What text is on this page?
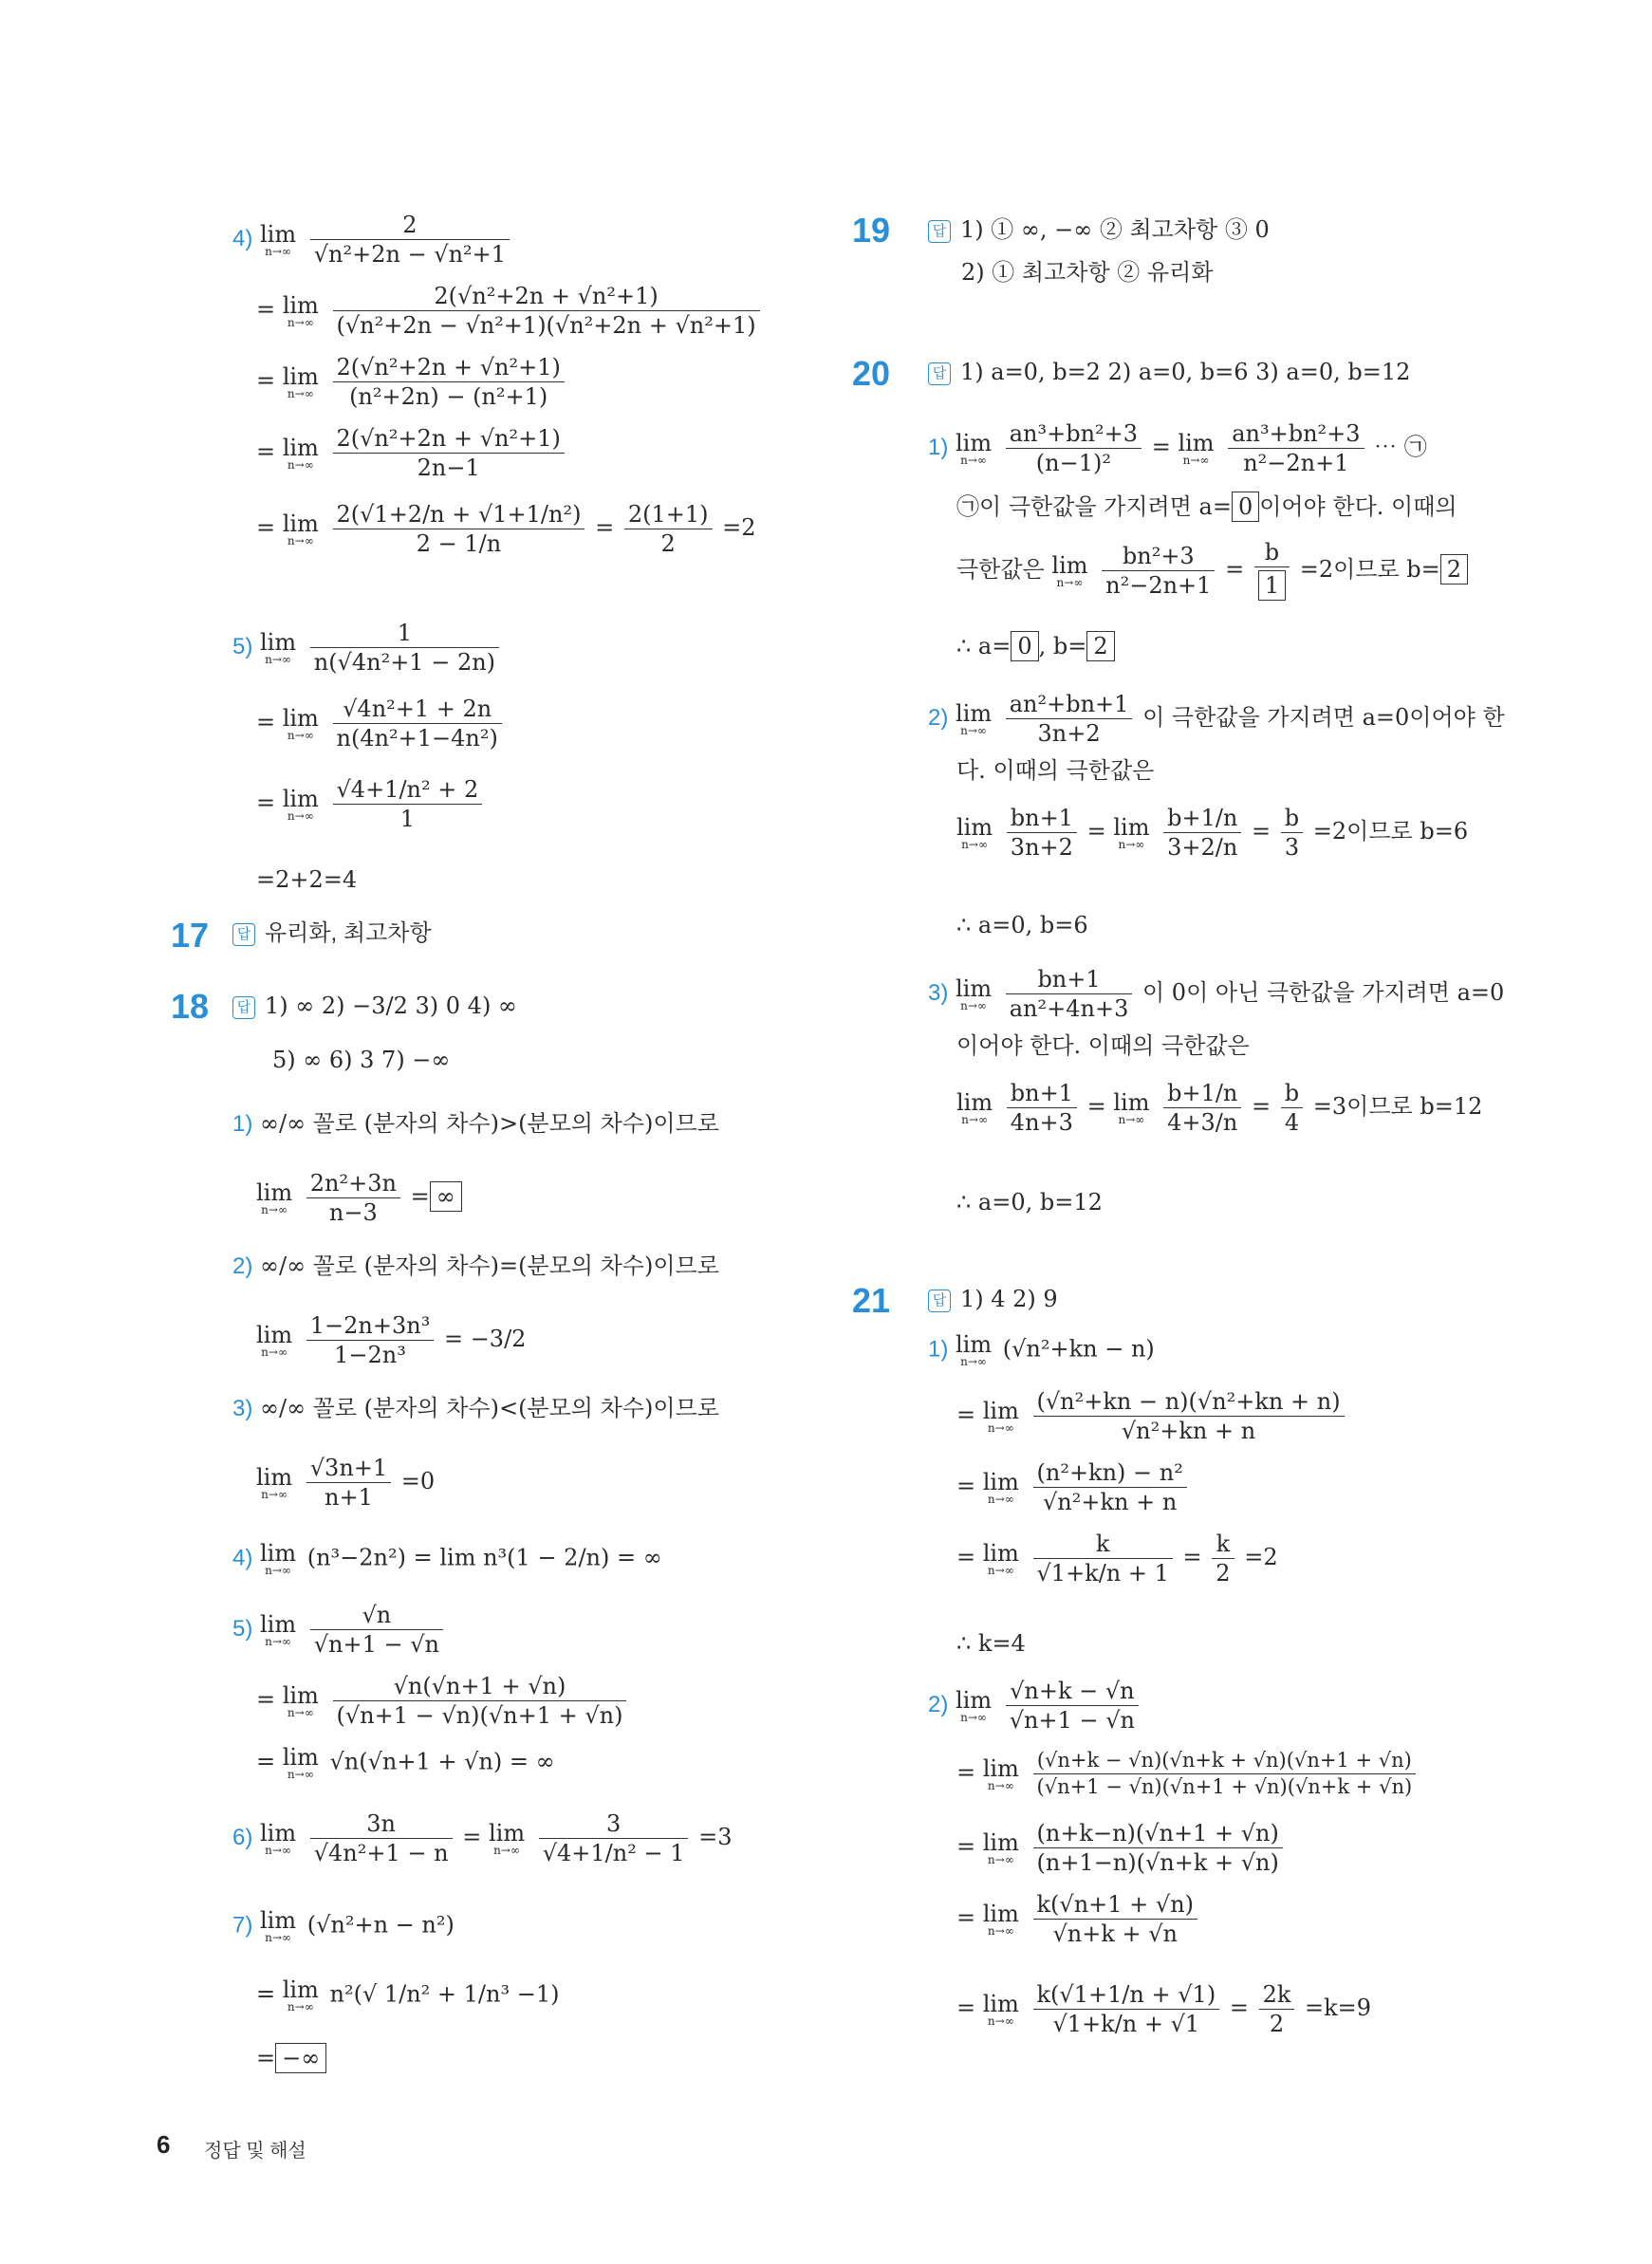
4) lim
n→∞
$\frac{2}{\text{√n²+2n − √n²+1}}$
= lim
n→∞
$\frac{\text{2(√n²+2n + √n²+1)}}{\text{(√n²+2n − √n²+1)(√n²+2n + √n²+1)}}$
= lim
n→∞
$\frac{\text{2(√n²+2n + √n²+1)}}{\text{(n²+2n) − (n²+1)}}$
= lim
n→∞
$\frac{\text{2(√n²+2n + √n²+1)}}{2n-1}$
= lim
n→∞
$\frac{\text{2(√1+2/n + √1+1/n²)}}{2 - 1/n} = \frac{2(1+1)}{2} =2$
5) lim
n→∞
$\frac{1}{\text{n(√4n²+1 − 2n)}}$
= lim
n→∞
$\frac{\text{√4n²+1 + 2n}}{\text{n(4n²+1−4n²)}}$
= lim
n→∞
$\frac{\text{√4+1/n² + 2}}{1}$
=2+2=4
17	답 유리화, 최고차항
18	답 1) ∞ 2) −3/2 3) 0 4) ∞
5) ∞ 6) 3 7) −∞
1) ∞/∞ 꼴로 (분자의 차수)>(분모의 차수)이므로
lim
n→∞
$\frac{\text{2n²+3n}}{n-3}$ = ∞
2) ∞/∞ 꼴로 (분자의 차수)=(분모의 차수)이므로
lim
n→∞
$\frac{\text{1−2n+3n³}}{\text{1−2n³}} = -3/2$
3) ∞/∞ 꼴로 (분자의 차수)<(분모의 차수)이므로
lim
n→∞
$\frac{√3n+1}{n+1} =0$
4) lim
n→∞ (n³−2n²) = lim n³(1 − 2/n) = ∞
5) lim
n→∞
$\frac{√n}{√n+1 - √n}$
= lim
n→∞
$\frac{√n(√n+1 + √n)}{(√n+1 - √n)(√n+1 + √n)}$
= lim
n→∞ √n(√n+1 + √n) = ∞
6) lim
n→∞
$\frac{3n}{\text{√4n²+1 − n}} = \lim$
n→∞
$\frac{3}{\text{√4+1/n² − 1}} =3$
7) lim
n→∞ (√n²+n − n²)
= lim
n→∞ n²(√ 1/n² + 1/n³ −1)
= −∞
19	답 1) ① ∞, −∞ ② 최고차항 ③ 0
2) ① 최고차항 ② 유리화
20	답 1) a=0, b=2 2) a=0, b=6 3) a=0, b=12
1) lim
n→∞
$\frac{\text{an³+bn²+3}}{\text{(n−1)²}} = \lim$
n→∞
$\frac{\text{an³+bn²+3}}{\text{n²−2n+1}}$ ⋯ ㉠
㉠이 극한값을 가지려면 a= 0 이어야 한다. 이때의
극한값은 lim
n→∞
$\frac{\text{bn²+3}}{\text{n²−2n+1}} = \frac{b}{1} =2$이므로 b= 2
∴ a= 0 , b= 2
2) lim
n→∞
$\frac{\text{an²+bn+1}}{3n+2}$ 이 극한값을 가지려면 a=0이어야 한
다. 이때의 극한값은
lim
n→∞
$\frac{bn+1}{3n+2} = \lim$
n→∞
$\frac{b+1/n}{3+2/n} = \frac{b}{3} =2$이므로 b=6
∴ a=0, b=6
3) lim
n→∞
$\frac{bn+1}{\text{an²+4n+3}}$ 이 0이 아닌 극한값을 가지려면 a=0
이어야 한다. 이때의 극한값은
lim
n→∞
$\frac{bn+1}{4n+3} = \lim$
n→∞
$\frac{b+1/n}{4+3/n} = \frac{b}{4} =3$이므로 b=12
∴ a=0, b=12
21	답 1) 4 2) 9
1) lim
n→∞ (√n²+kn − n)
= lim
n→∞
$\frac{\text{(√n²+kn − n)(√n²+kn + n)}}{\text{√n²+kn + n}}$
= lim
n→∞
$\frac{\text{(n²+kn) − n²}}{\text{√n²+kn + n}}$
= lim
n→∞
$\frac{k}{√1+k/n + 1} = \frac{k}{2} =2$
∴ k=4
2) lim
n→∞
$\frac{√n+k - √n}{√n+1 - √n}$
= lim
n→∞
$\frac{(√n+k - √n)(√n+k + √n)(√n+1 + √n)}{(√n+1 - √n)(√n+1 + √n)(√n+k + √n)}$
= lim
n→∞
$\frac{(n+k-n)(√n+1 + √n)}{(n+1-n)(√n+k + √n)}$
= lim
n→∞
$\frac{k(√n+1 + √n)}{√n+k + √n}$
= lim
n→∞
$\frac{k(√1+1/n + √1)}{√1+k/n + √1} = \frac{2k}{2} =k=9$
6 정답 및 해설
